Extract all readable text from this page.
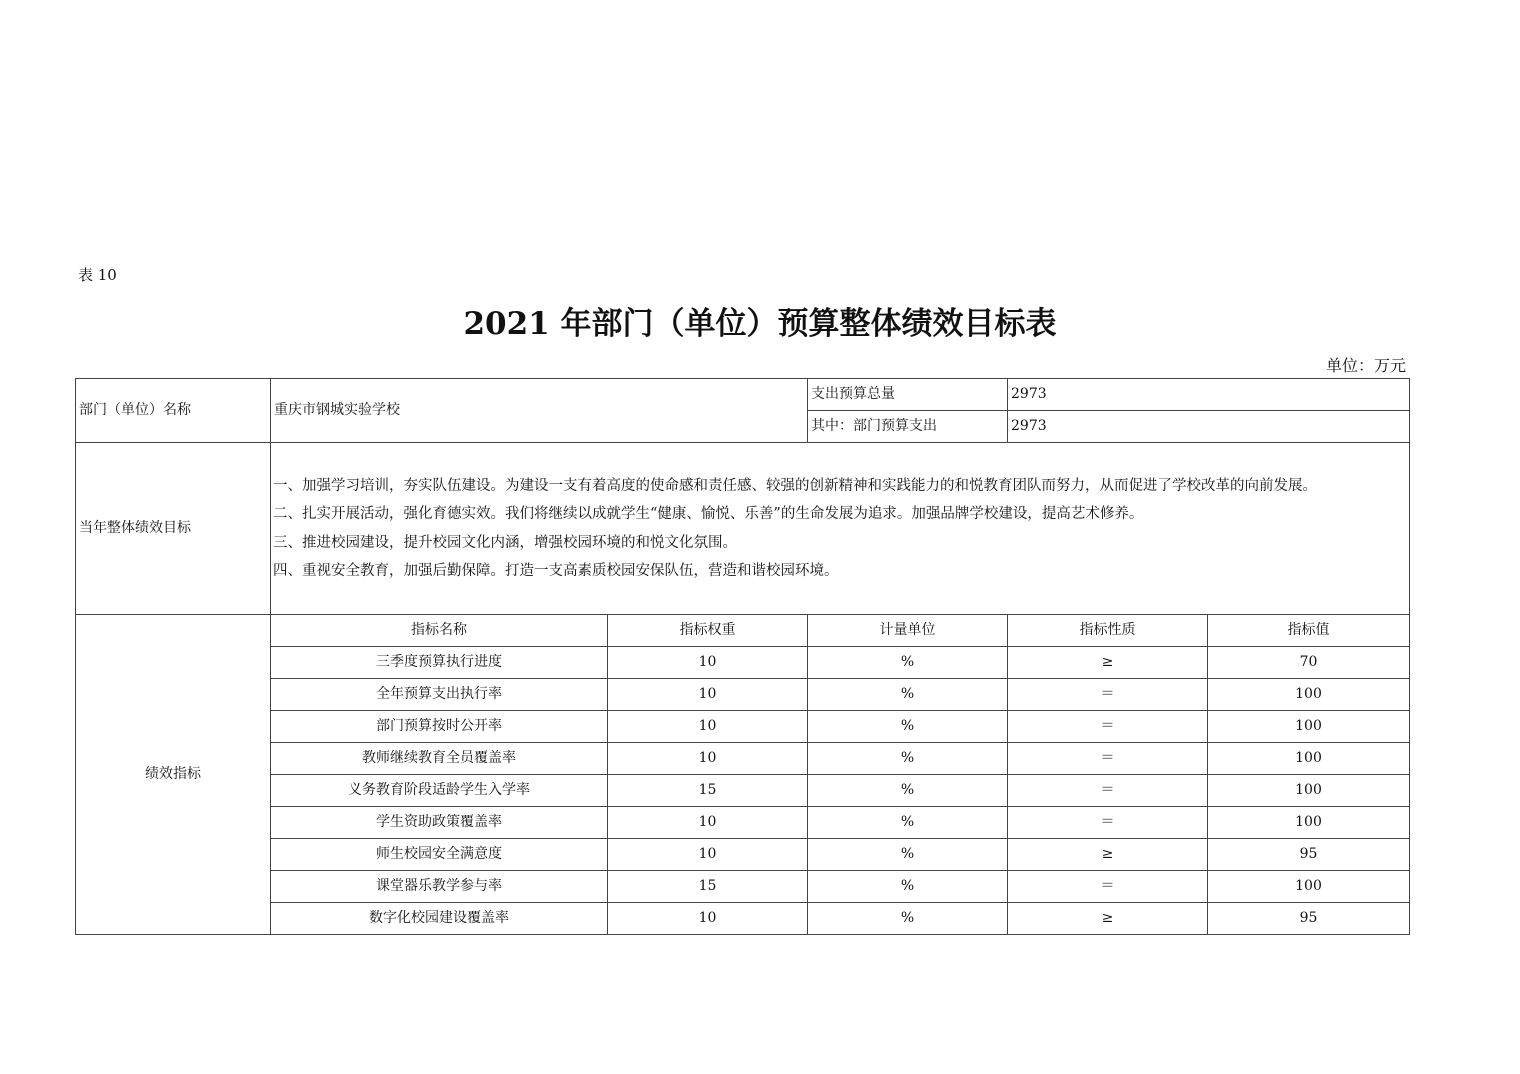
表 10
2021 年部门（单位）预算整体绩效目标表
单位：万元
部门（单位）名称	重庆市钢城实验学校		支出预算总量	2973	
			其中：部门预算支出	2973	
当年整体绩效目标	一、加强学习培训，夯实队伍建设。为建设一支有着高度的使命感和责任感、较强的创新精神和实践能力的和悦教育团队而努力，从而促进了学校改革的向前发展。
二、扎实开展活动，强化育德实效。我们将继续以成就学生“健康、愉悦、乐善”的生命发展为追求。加强品牌学校建设，提高艺术修养。
三、推进校园建设，提升校园文化内涵，增强校园环境的和悦文化氛围。
四、重视安全教育，加强后勤保障。打造一支高素质校园安保队伍，营造和谐校园环境。				

绩效指标	指标名称	指标权重	计量单位	指标性质	指标值
	三季度预算执行进度	10	%	≥	70
	全年预算支出执行率	10	%	＝	100
	部门预算按时公开率	10	%	＝	100
	教师继续教育全员覆盖率	10	%	＝	100
	义务教育阶段适龄学生入学率	15	%	＝	100
	学生资助政策覆盖率	10	%	＝	100
	师生校园安全满意度	10	%	≥	95
	课堂器乐教学参与率	15	%	＝	100
	数字化校园建设覆盖率	10	%	≥	95
